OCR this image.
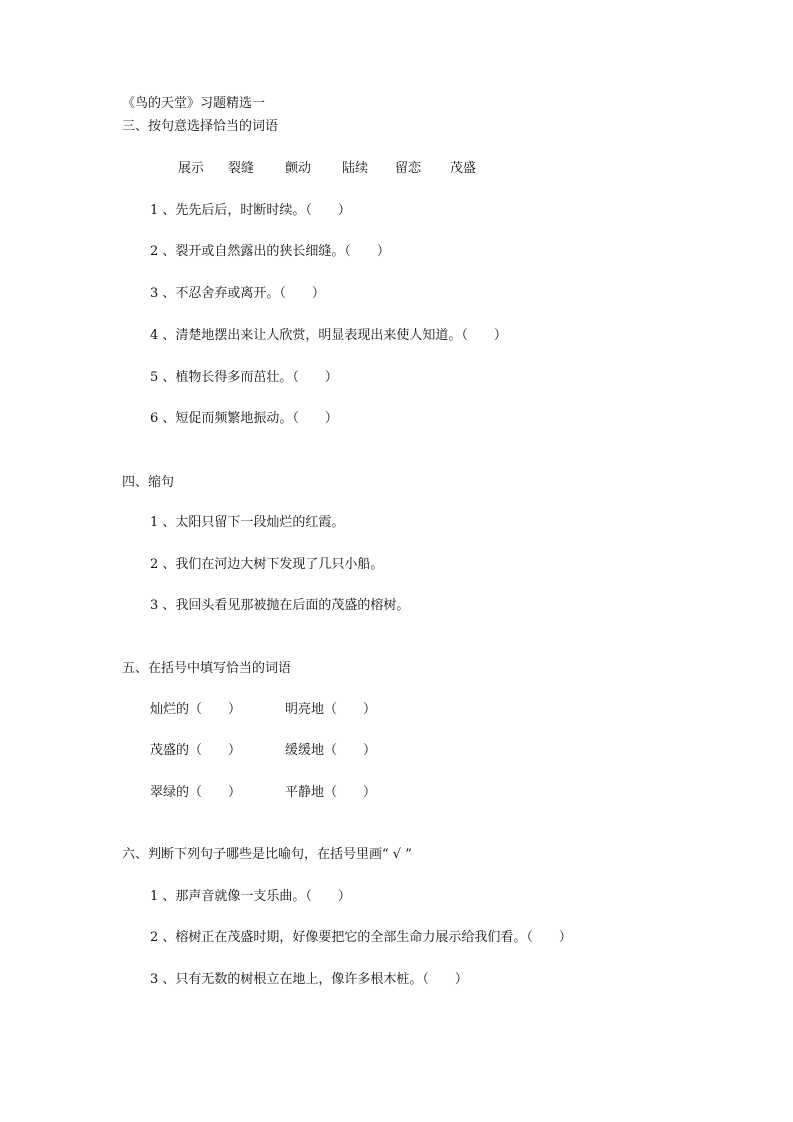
《鸟的天堂》习题精选一
三、按句意选择恰当的词语
展示 裂缝 颤动 陆续 留恋 茂盛
1 、先先后后，时断时续。（　　）
2 、裂开或自然露出的狭长细缝。（　　）
3 、不忍舍弃或离开。（　　）
4 、清楚地摆出来让人欣赏，明显表现出来使人知道。（　　）
5 、植物长得多而茁壮。（　　）
6 、短促而频繁地振动。（　　）
四、缩句
1 、太阳只留下一段灿烂的红霞。
2 、我们在河边大树下发现了几只小船。
3 、我回头看见那被抛在后面的茂盛的榕树。
五、在括号中填写恰当的词语
灿烂的（　　）	明亮地（　　）
茂盛的（　　）	缓缓地（　　）
翠绿的（　　）	平静地（　　）
六、判断下列句子哪些是比喻句，在括号里画“ √ ”
1 、那声音就像一支乐曲。（　　）
2 、榕树正在茂盛时期，好像要把它的全部生命力展示给我们看。（　　）
3 、只有无数的树根立在地上，像许多根木桩。（　　）
